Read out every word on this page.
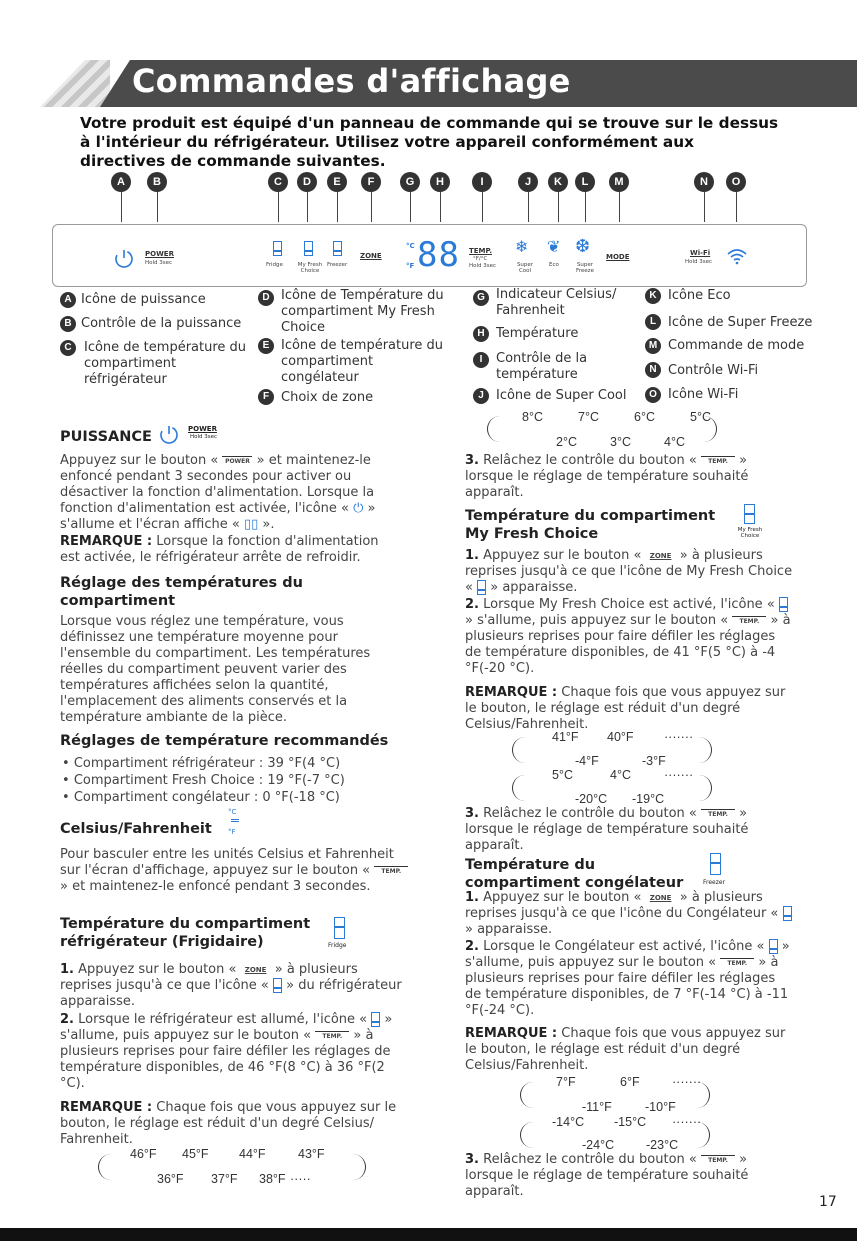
Commandes d'affichage
Votre produit est équipé d'un panneau de commande qui se trouve sur le dessus à l'intérieur du réfrigérateur. Utilisez votre appareil conformément aux directives de commande suivantes.
A	B	C	D	E	F	G	H	I	J	K	L	M	N	O
POWER
Hold 3sec	Fridge	My Fresh Choice
Freezer
ZONE
°C
°F 88 TEMP.
°F/°C
Hold 3sec
❄
Super Cool
❦
Eco
❆
Super Freeze
MODE	Wi-Fi
Hold 3sec
A Icône de puissance
B Contrôle de la puissance
C Icône de température du compartiment réfrigérateur
D Icône de Température du compartiment My Fresh Choice
E Icône de température du compartiment congélateur
F Choix de zone
G Indicateur Celsius/ Fahrenheit
H Température
I	Contrôle de la température
J Icône de Super Cool
K Icône Eco
L Icône de Super Freeze
M Commande de mode
N Contrôle Wi-Fi
O Icône Wi-Fi
PUISSANCE	POWER
Hold 3sec
Appuyez sur le bouton « POWER » et maintenez-le enfoncé pendant 3 secondes pour activer ou désactiver la fonction d'alimentation. Lorsque la fonction d'alimentation est activée, l'icône « ⏻ » s'allume et l'écran affiche « ▯▯ ».
REMARQUE : Lorsque la fonction d'alimentation est activée, le réfrigérateur arrête de refroidir.
Réglage des températures du compartiment
Lorsque vous réglez une température, vous définissez une température moyenne pour l'ensemble du compartiment. Les températures réelles du compartiment peuvent varier des températures affichées selon la quantité, l'emplacement des aliments conservés et la température ambiante de la pièce.
Réglages de température recommandés
• Compartiment réfrigérateur : 39 °F(4 °C)
• Compartiment Fresh Choice : 19 °F(-7 °C)
• Compartiment congélateur : 0 °F(-18 °C)
Celsius/Fahrenheit
°C
°F
Pour basculer entre les unités Celsius et Fahrenheit sur l'écran d'affichage, appuyez sur le bouton « TEMP. » et maintenez-le enfoncé pendant 3 secondes.
Température du compartiment réfrigérateur (Frigidaire)	Fridge
1. Appuyez sur le bouton « ZONE » à plusieurs reprises jusqu'à ce que l'icône « » du réfrigérateur apparaisse.
2. Lorsque le réfrigérateur est allumé, l'icône « » s'allume, puis appuyez sur le bouton « TEMP. » à plusieurs reprises pour faire défiler les réglages de température disponibles, de 46 °F(8 °C) à 36 °F(2 °C).
REMARQUE : Chaque fois que vous appuyez sur le bouton, le réglage est réduit d'un degré Celsius/ Fahrenheit.
46°F 45°F 44°F	43°F
36°F 37°F 38°F ·····
8°C	7°C	6°C	5°C
2°C	3°C	4°C
3. Relâchez le contrôle du bouton « TEMP. » lorsque le réglage de température souhaité apparaît.
Température du compartiment My Fresh Choice	My Fresh Choice
1. Appuyez sur le bouton « ZONE » à plusieurs reprises jusqu'à ce que l'icône de My Fresh Choice « » apparaisse.
2. Lorsque My Fresh Choice est activé, l'icône «  » s'allume, puis appuyez sur le bouton « TEMP. » à plusieurs reprises pour faire défiler les réglages de température disponibles, de 41 °F(5 °C) à -4 °F(-20 °C).
REMARQUE : Chaque fois que vous appuyez sur le bouton, le réglage est réduit d'un degré Celsius/Fahrenheit.
41°F 40°F ·······
-4°F	-3°F
5°C	4°C	·······
-20°C -19°C
3. Relâchez le contrôle du bouton « TEMP. » lorsque le réglage de température souhaité apparaît.
Température du compartiment congélateur	Freezer
1. Appuyez sur le bouton « ZONE » à plusieurs reprises jusqu'à ce que l'icône du Congélateur «  » apparaisse.
2. Lorsque le Congélateur est activé, l'icône « » s'allume, puis appuyez sur le bouton « TEMP. » à plusieurs reprises pour faire défiler les réglages de température disponibles, de 7 °F(-14 °C) à -11 °F(-24 °C).
REMARQUE : Chaque fois que vous appuyez sur le bouton, le réglage est réduit d'un degré Celsius/Fahrenheit.
7°F	6°F	·······
-11°F	-10°F
-14°C -15°C ·······
-24°C	-23°C
3. Relâchez le contrôle du bouton « TEMP. » lorsque le réglage de température souhaité apparaît.
17
